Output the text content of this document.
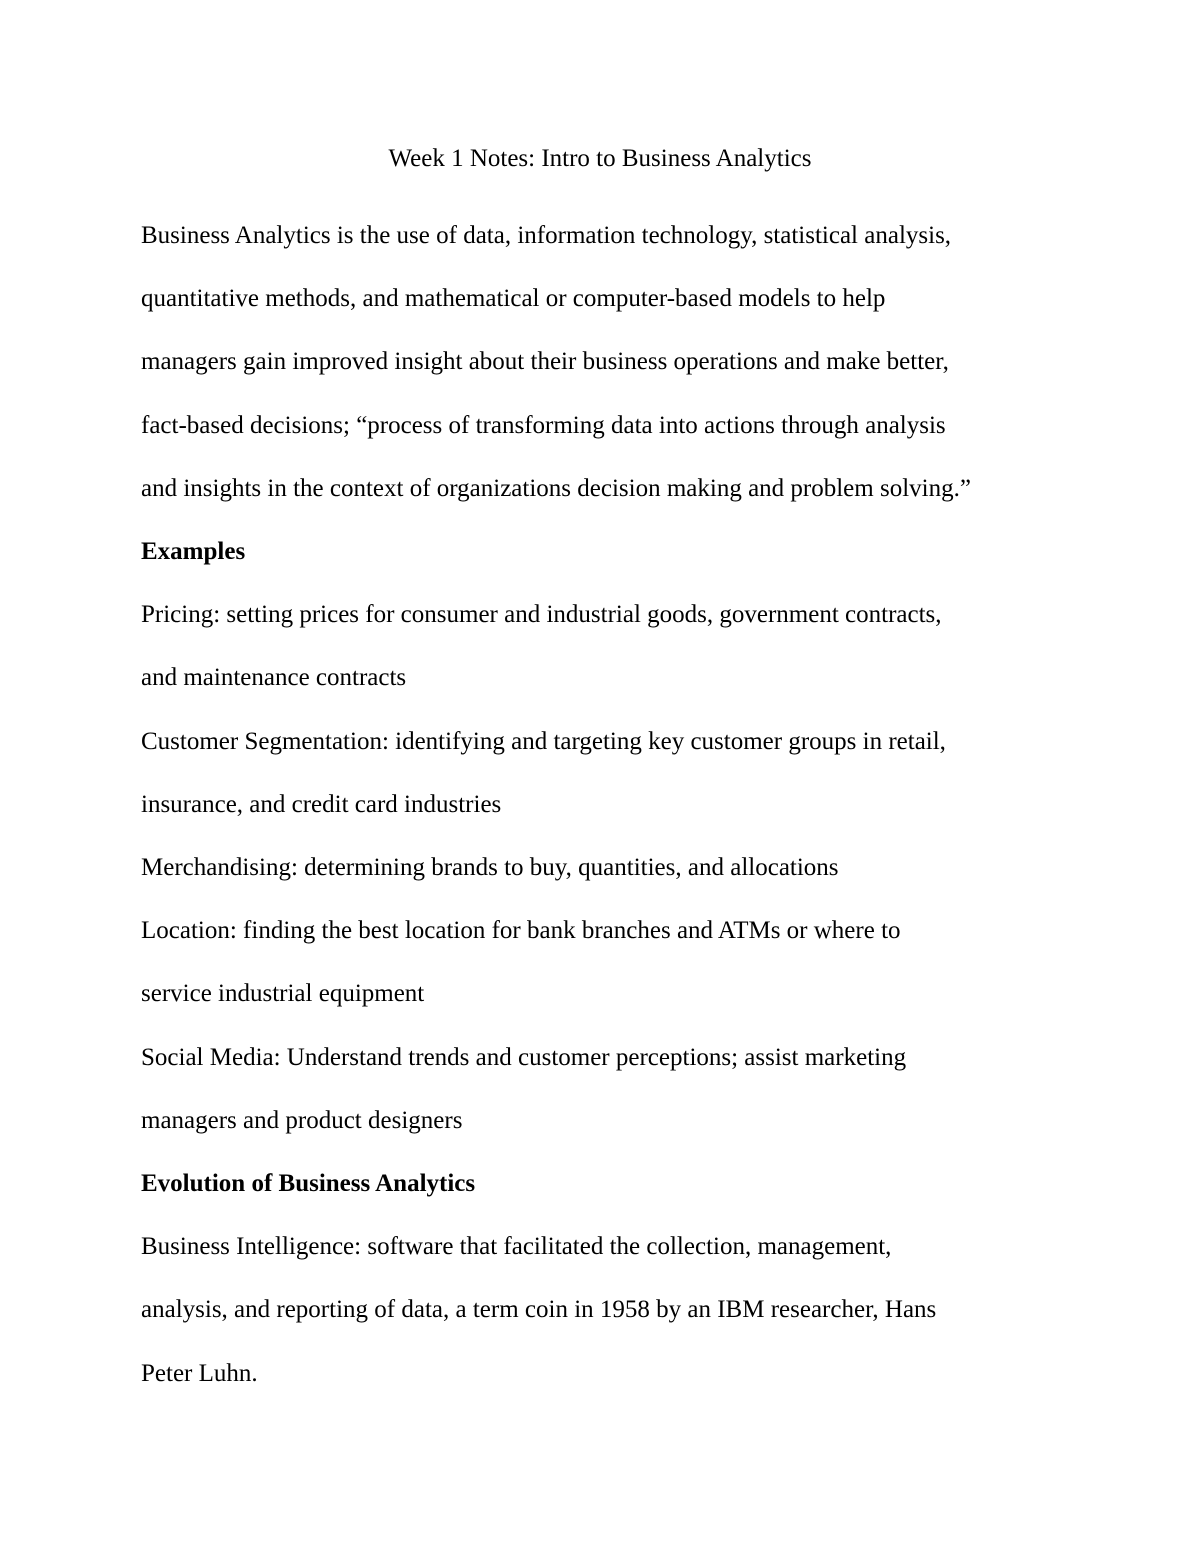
Week 1 Notes: Intro to Business Analytics

Business Analytics is the use of data, information technology, statistical analysis,
quantitative methods, and mathematical or computer-based models to help
managers gain improved insight about their business operations and make better,
fact-based decisions; “process of transforming data into actions through analysis
and insights in the context of organizations decision making and problem solving.”

Examples

Pricing: setting prices for consumer and industrial goods, government contracts,
and maintenance contracts

Customer Segmentation: identifying and targeting key customer groups in retail,
insurance, and credit card industries

Merchandising: determining brands to buy, quantities, and allocations

Location: finding the best location for bank branches and ATMs or where to
service industrial equipment

Social Media: Understand trends and customer perceptions; assist marketing
managers and product designers

Evolution of Business Analytics

Business Intelligence: software that facilitated the collection, management,
analysis, and reporting of data, a term coin in 1958 by an IBM researcher, Hans
Peter Luhn.
